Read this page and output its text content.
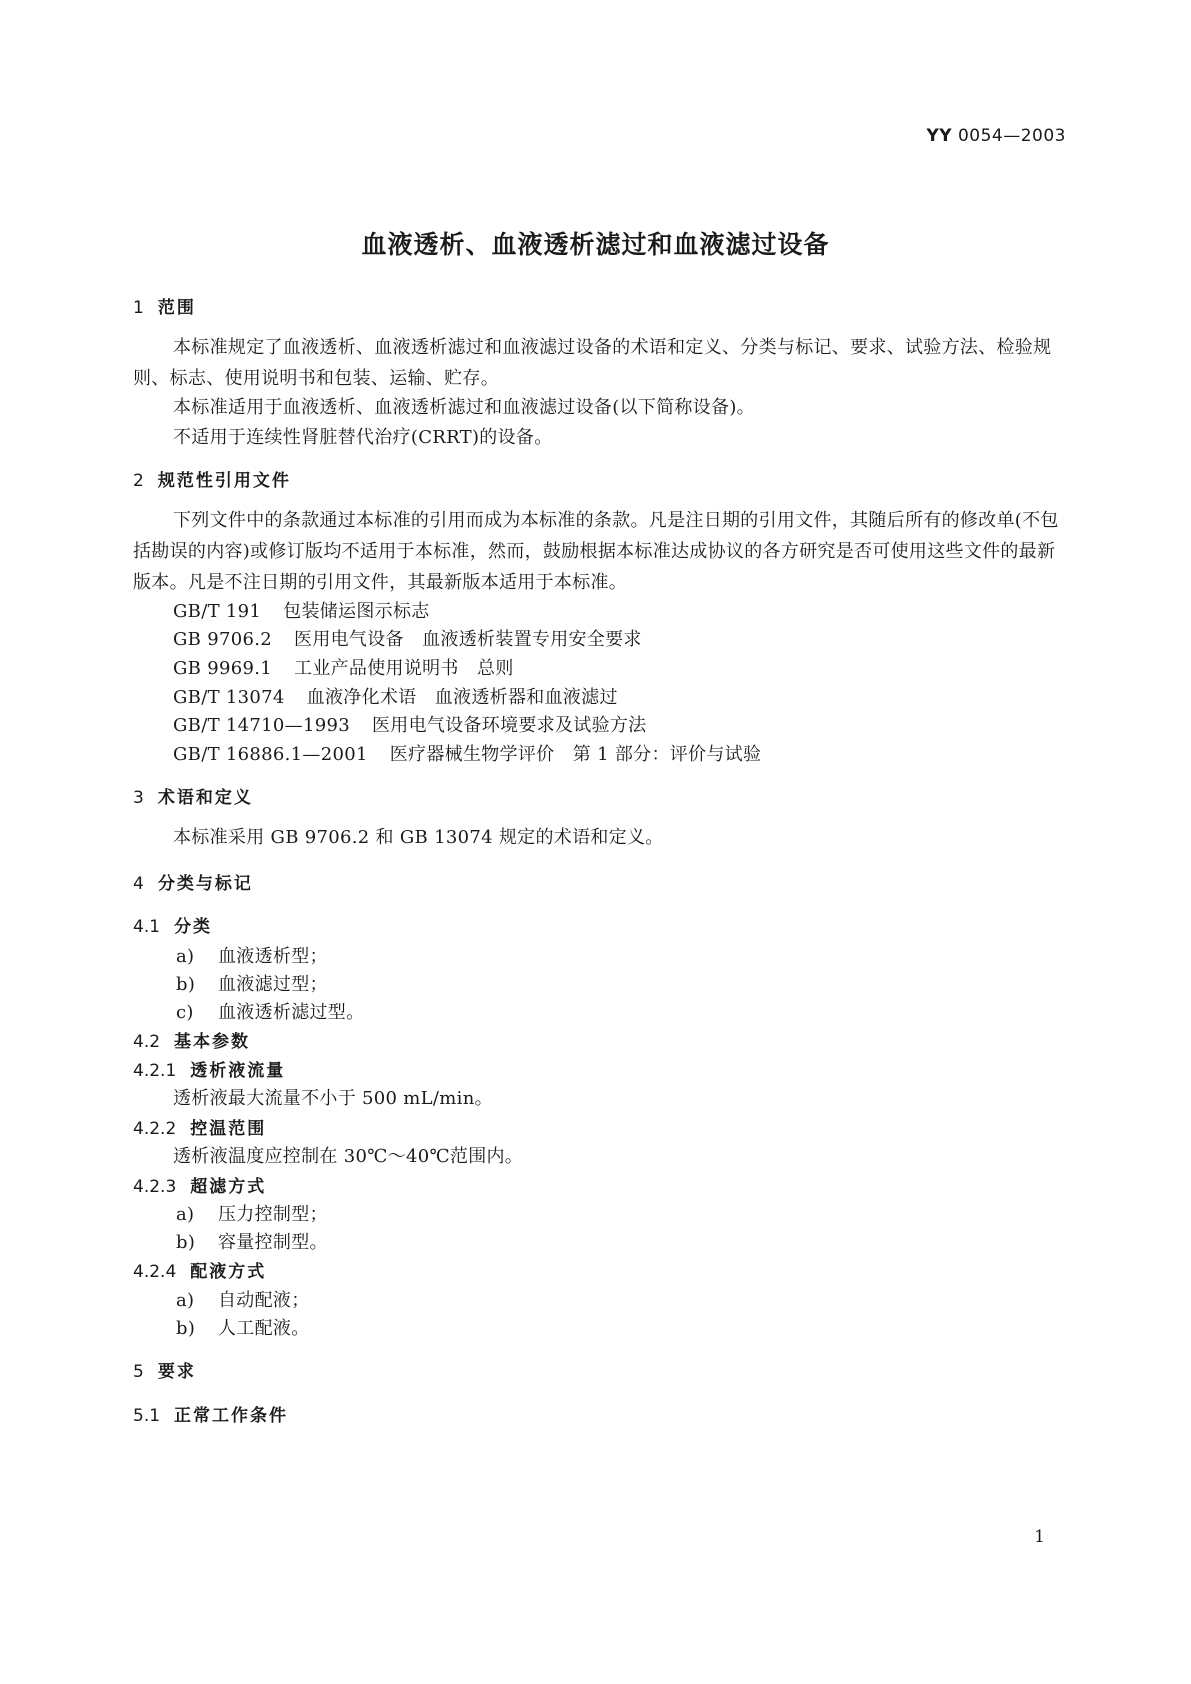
YY 0054—2003
血液透析、血液透析滤过和血液滤过设备
1 范围
本标准规定了血液透析、血液透析滤过和血液滤过设备的术语和定义、分类与标记、要求、试验方法、检验规则、标志、使用说明书和包装、运输、贮存。
本标准适用于血液透析、血液透析滤过和血液滤过设备(以下简称设备)。
不适用于连续性肾脏替代治疗(CRRT)的设备。
2 规范性引用文件
下列文件中的条款通过本标准的引用而成为本标准的条款。凡是注日期的引用文件，其随后所有的修改单(不包括勘误的内容)或修订版均不适用于本标准，然而，鼓励根据本标准达成协议的各方研究是否可使用这些文件的最新版本。凡是不注日期的引用文件，其最新版本适用于本标准。
GB/T 191 包装储运图示标志
GB 9706.2 医用电气设备　血液透析装置专用安全要求
GB 9969.1 工业产品使用说明书　总则
GB/T 13074 血液净化术语　血液透析器和血液滤过
GB/T 14710—1993 医用电气设备环境要求及试验方法
GB/T 16886.1—2001 医疗器械生物学评价　第 1 部分：评价与试验
3 术语和定义
本标准采用 GB 9706.2 和 GB 13074 规定的术语和定义。
4 分类与标记
4.1 分类
a) 血液透析型；
b) 血液滤过型；
c) 血液透析滤过型。
4.2 基本参数
4.2.1 透析液流量
透析液最大流量不小于 500 mL/min。
4.2.2 控温范围
透析液温度应控制在 30℃～40℃范围内。
4.2.3 超滤方式
a) 压力控制型；
b) 容量控制型。
4.2.4 配液方式
a) 自动配液；
b) 人工配液。
5 要求
5.1 正常工作条件
1
